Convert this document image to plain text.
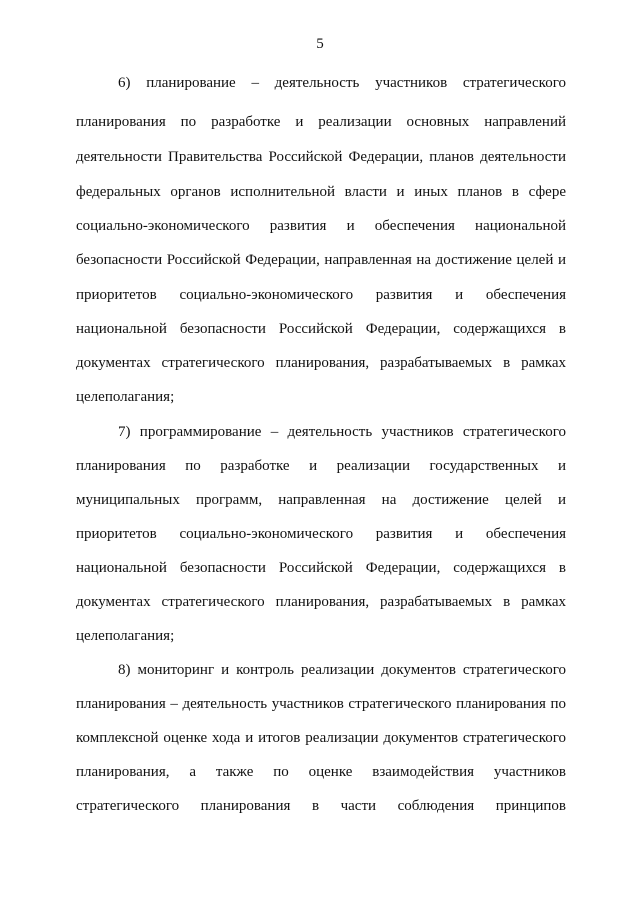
5
6) планирование – деятельность участников стратегического
планирования по разработке и реализации основных направлений
деятельности Правительства Российской Федерации, планов деятельности
федеральных органов исполнительной власти и иных планов в сфере
социально-экономического развития и обеспечения национальной
безопасности Российской Федерации, направленная на достижение целей и
приоритетов социально-экономического развития и обеспечения
национальной безопасности Российской Федерации, содержащихся в
документах стратегического планирования, разрабатываемых в рамках
целеполагания;
7) программирование – деятельность участников стратегического
планирования по разработке и реализации государственных и
муниципальных программ, направленная на достижение целей и
приоритетов социально-экономического развития и обеспечения
национальной безопасности Российской Федерации, содержащихся в
документах стратегического планирования, разрабатываемых в рамках
целеполагания;
8) мониторинг и контроль реализации документов стратегического
планирования – деятельность участников стратегического планирования по
комплексной оценке хода и итогов реализации документов стратегического
планирования, а также по оценке взаимодействия участников
стратегического планирования в части соблюдения принципов
